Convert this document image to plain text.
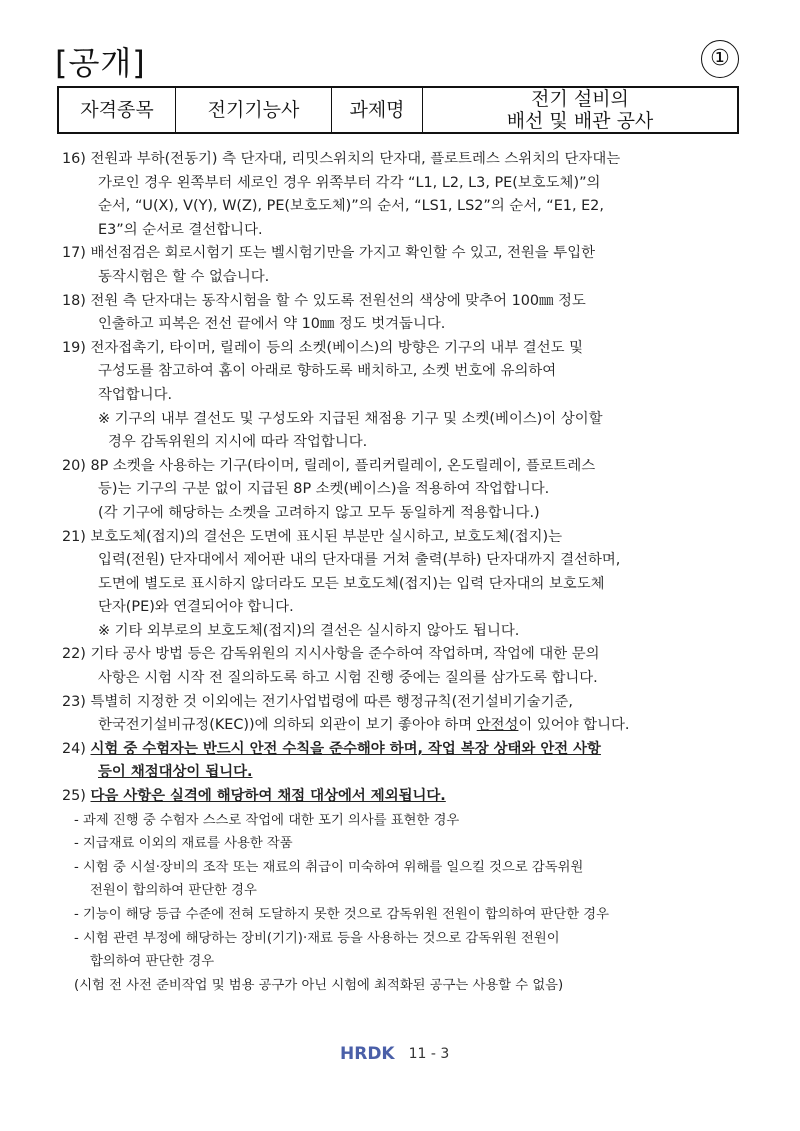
[공개]	①
자격종목	전기기능사	과제명	전기 설비의
배선 및 배관 공사
16) 전원과 부하(전동기) 측 단자대, 리밋스위치의 단자대, 플로트레스 스위치의 단자대는
가로인 경우 왼쪽부터 세로인 경우 위쪽부터 각각 “L1, L2, L3, PE(보호도체)”의
순서, “U(X), V(Y), W(Z), PE(보호도체)”의 순서, “LS1, LS2”의 순서, “E1, E2,
E3”의 순서로 결선합니다.
17) 배선점검은 회로시험기 또는 벨시험기만을 가지고 확인할 수 있고, 전원을 투입한
동작시험은 할 수 없습니다.
18) 전원 측 단자대는 동작시험을 할 수 있도록 전원선의 색상에 맞추어 100㎜ 정도
인출하고 피복은 전선 끝에서 약 10㎜ 정도 벗겨둡니다.
19) 전자접촉기, 타이머, 릴레이 등의 소켓(베이스)의 방향은 기구의 내부 결선도 및
구성도를 참고하여 홈이 아래로 향하도록 배치하고, 소켓 번호에 유의하여
작업합니다.
※ 기구의 내부 결선도 및 구성도와 지급된 채점용 기구 및 소켓(베이스)이 상이할
경우 감독위원의 지시에 따라 작업합니다.
20) 8P 소켓을 사용하는 기구(타이머, 릴레이, 플리커릴레이, 온도릴레이, 플로트레스
등)는 기구의 구분 없이 지급된 8P 소켓(베이스)을 적용하여 작업합니다.
(각 기구에 해당하는 소켓을 고려하지 않고 모두 동일하게 적용합니다.)
21) 보호도체(접지)의 결선은 도면에 표시된 부분만 실시하고, 보호도체(접지)는
입력(전원) 단자대에서 제어판 내의 단자대를 거쳐 출력(부하) 단자대까지 결선하며,
도면에 별도로 표시하지 않더라도 모든 보호도체(접지)는 입력 단자대의 보호도체
단자(PE)와 연결되어야 합니다.
※ 기타 외부로의 보호도체(접지)의 결선은 실시하지 않아도 됩니다.
22) 기타 공사 방법 등은 감독위원의 지시사항을 준수하여 작업하며, 작업에 대한 문의
사항은 시험 시작 전 질의하도록 하고 시험 진행 중에는 질의를 삼가도록 합니다.
23) 특별히 지정한 것 이외에는 전기사업법령에 따른 행정규칙(전기설비기술기준,
한국전기설비규정(KEC))에 의하되 외관이 보기 좋아야 하며 안전성이 있어야 합니다.
24) 시험 중 수험자는 반드시 안전 수칙을 준수해야 하며, 작업 복장 상태와 안전 사항
등이 채점대상이 됩니다.
25) 다음 사항은 실격에 해당하여 채점 대상에서 제외됩니다.
- 과제 진행 중 수험자 스스로 작업에 대한 포기 의사를 표현한 경우
- 지급재료 이외의 재료를 사용한 작품
- 시험 중 시설·장비의 조작 또는 재료의 취급이 미숙하여 위해를 일으킬 것으로 감독위원
전원이 합의하여 판단한 경우
- 기능이 해당 등급 수준에 전혀 도달하지 못한 것으로 감독위원 전원이 합의하여 판단한 경우
- 시험 관련 부정에 해당하는 장비(기기)·재료 등을 사용하는 것으로 감독위원 전원이
합의하여 판단한 경우
(시험 전 사전 준비작업 및 범용 공구가 아닌 시험에 최적화된 공구는 사용할 수 없음)
HRDK 11 - 3
